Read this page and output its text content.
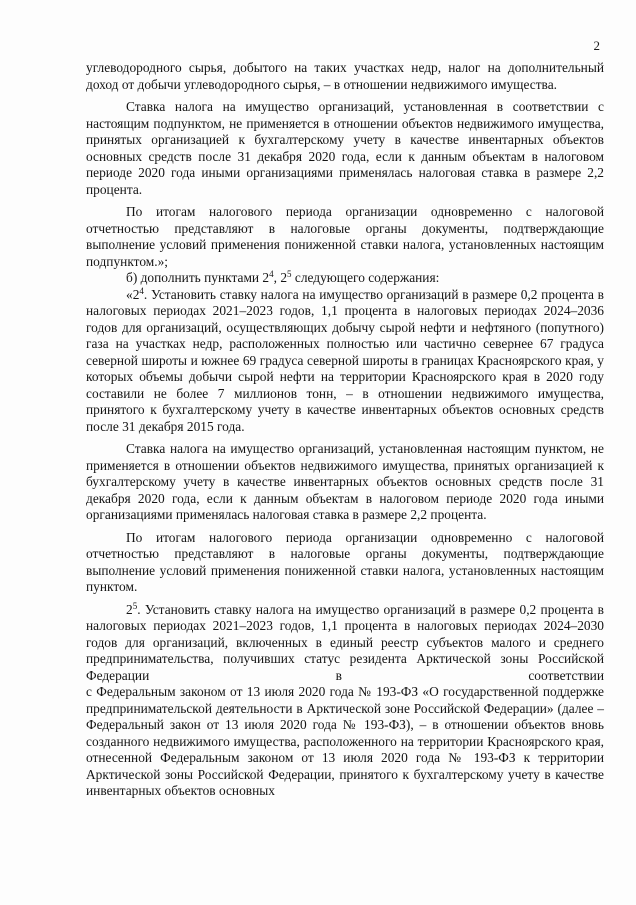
2

углеводородного сырья, добытого на таких участках недр, налог на дополнительный доход от добычи углеводородного сырья, – в отношении недвижимого имущества.

Ставка налога на имущество организаций, установленная в соответствии с настоящим подпунктом, не применяется в отношении объектов недвижимого имущества, принятых организацией к бухгалтерскому учету в качестве инвентарных объектов основных средств после 31 декабря 2020 года, если к данным объектам в налоговом периоде 2020 года иными организациями применялась налоговая ставка в размере 2,2 процента.

По итогам налогового периода организации одновременно с налоговой отчетностью представляют в налоговые органы документы, подтверждающие выполнение условий применения пониженной ставки налога, установленных настоящим подпунктом.»;

б) дополнить пунктами $2^4$, $2^5$ следующего содержания:

«$2^4$. Установить ставку налога на имущество организаций в размере 0,2 процента в налоговых периодах 2021–2023 годов, 1,1 процента в налоговых периодах 2024–2036 годов для организаций, осуществляющих добычу сырой нефти и нефтяного (попутного) газа на участках недр, расположенных полностью или частично севернее 67 градуса северной широты и южнее 69 градуса северной широты в границах Красноярского края, у которых объемы добычи сырой нефти на территории Красноярского края в 2020 году составили не более 7 миллионов тонн, – в отношении недвижимого имущества, принятого к бухгалтерскому учету в качестве инвентарных объектов основных средств после 31 декабря 2015 года.

Ставка налога на имущество организаций, установленная настоящим пунктом, не применяется в отношении объектов недвижимого имущества, принятых организацией к бухгалтерскому учету в качестве инвентарных объектов основных средств после 31 декабря 2020 года, если к данным объектам в налоговом периоде 2020 года иными организациями применялась налоговая ставка в размере 2,2 процента.

По итогам налогового периода организации одновременно с налоговой отчетностью представляют в налоговые органы документы, подтверждающие выполнение условий применения пониженной ставки налога, установленных настоящим пунктом.

$2^5$. Установить ставку налога на имущество организаций в размере 0,2 процента в налоговых периодах 2021–2023 годов, 1,1 процента в налоговых периодах 2024–2030 годов для организаций, включенных в единый реестр субъектов малого и среднего предпринимательства, получивших статус резидента Арктической зоны Российской Федерации в соответствии

с Федеральным законом от 13 июля 2020 года № 193-ФЗ «О государственной поддержке предпринимательской деятельности в Арктической зоне Российской Федерации» (далее – Федеральный закон от 13 июля 2020 года № 193-ФЗ), – в отношении объектов вновь созданного недвижимого имущества, расположенного на территории Красноярского края, отнесенной Федеральным законом от 13 июля 2020 года № 193-ФЗ к территории Арктической зоны Российской Федерации, принятого к бухгалтерскому учету в качестве инвентарных объектов основных
